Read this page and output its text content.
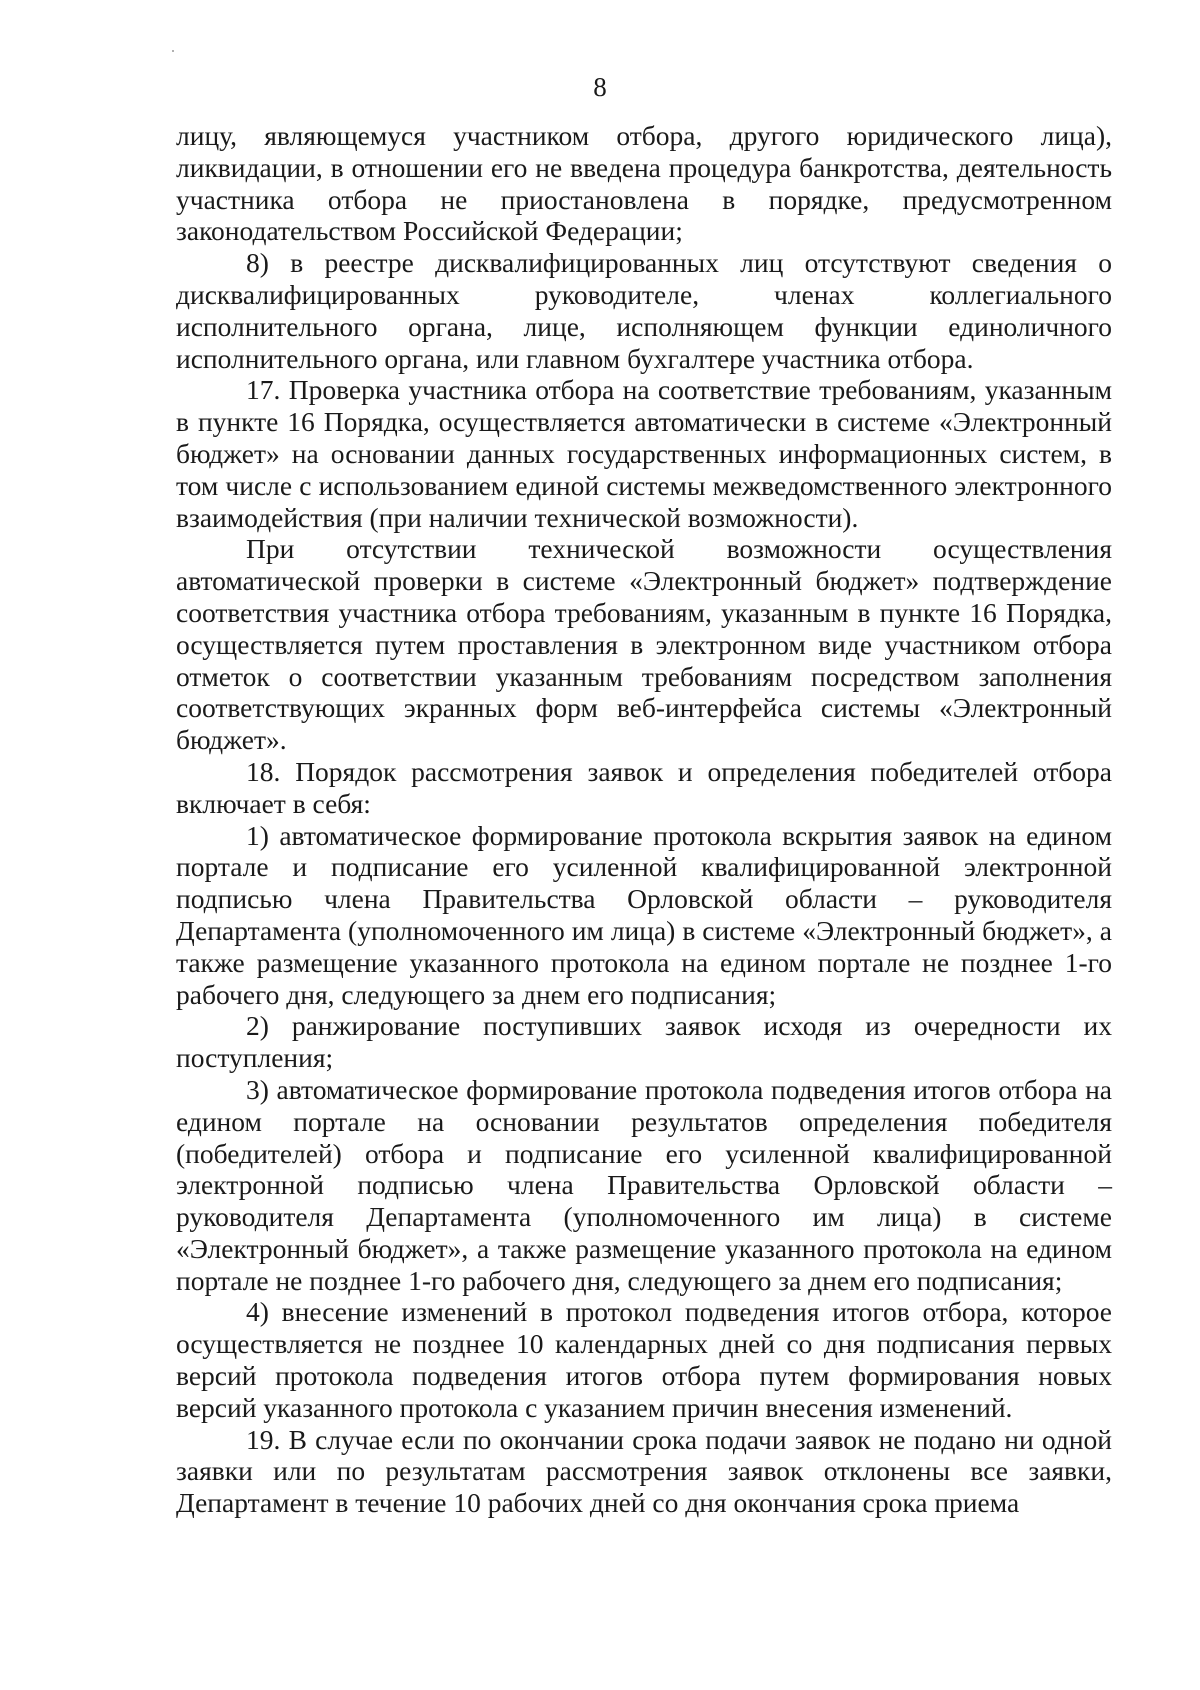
8

лицу, являющемуся участником отбора, другого юридического лица), ликвидации, в отношении его не введена процедура банкротства, деятельность участника отбора не приостановлена в порядке, предусмотренном законодательством Российской Федерации;

8) в реестре дисквалифицированных лиц отсутствуют сведения о дисквалифицированных руководителе, членах коллегиального исполнительного органа, лице, исполняющем функции единоличного исполнительного органа, или главном бухгалтере участника отбора.

17. Проверка участника отбора на соответствие требованиям, указанным в пункте 16 Порядка, осуществляется автоматически в системе «Электронный бюджет» на основании данных государственных информационных систем, в том числе с использованием единой системы межведомственного электронного взаимодействия (при наличии технической возможности).

При отсутствии технической возможности осуществления автоматической проверки в системе «Электронный бюджет» подтверждение соответствия участника отбора требованиям, указанным в пункте 16 Порядка, осуществляется путем проставления в электронном виде участником отбора отметок о соответствии указанным требованиям посредством заполнения соответствующих экранных форм веб-интерфейса системы «Электронный бюджет».

18. Порядок рассмотрения заявок и определения победителей отбора включает в себя:

1) автоматическое формирование протокола вскрытия заявок на едином портале и подписание его усиленной квалифицированной электронной подписью члена Правительства Орловской области – руководителя Департамента (уполномоченного им лица) в системе «Электронный бюджет», а также размещение указанного протокола на едином портале не позднее 1-го рабочего дня, следующего за днем его подписания;

2) ранжирование поступивших заявок исходя из очередности их поступления;

3) автоматическое формирование протокола подведения итогов отбора на едином портале на основании результатов определения победителя (победителей) отбора и подписание его усиленной квалифицированной электронной подписью члена Правительства Орловской области – руководителя Департамента (уполномоченного им лица) в системе «Электронный бюджет», а также размещение указанного протокола на едином портале не позднее 1-го рабочего дня, следующего за днем его подписания;

4) внесение изменений в протокол подведения итогов отбора, которое осуществляется не позднее 10 календарных дней со дня подписания первых версий протокола подведения итогов отбора путем формирования новых версий указанного протокола с указанием причин внесения изменений.

19. В случае если по окончании срока подачи заявок не подано ни одной заявки или по результатам рассмотрения заявок отклонены все заявки, Департамент в течение 10 рабочих дней со дня окончания срока приема
